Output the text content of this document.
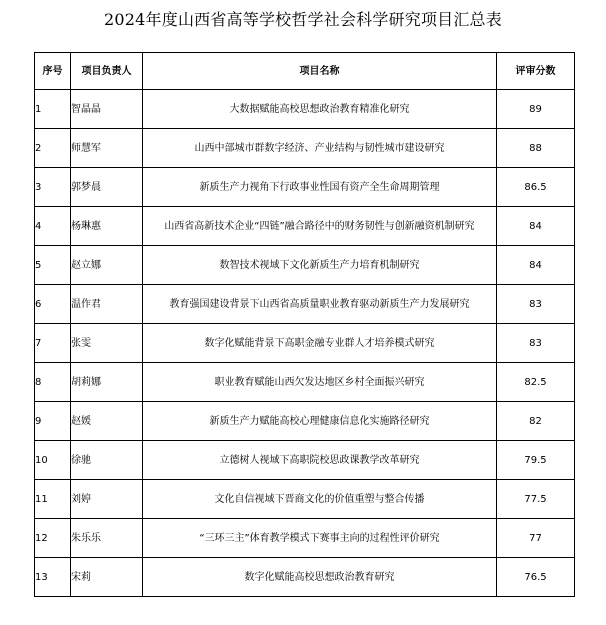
2024年度山西省高等学校哲学社会科学研究项目汇总表
序号	项目负责人	项目名称	评审分数
1	智晶晶	大数据赋能高校思想政治教育精准化研究	89
2	师慧军	山西中部城市群数字经济、产业结构与韧性城市建设研究	88
3	郭梦晨	新质生产力视角下行政事业性国有资产全生命周期管理	86.5
4	杨琳惠	山西省高新技术企业“四链”融合路径中的财务韧性与创新融资机制研究	84
5	赵立娜	数智技术视域下文化新质生产力培育机制研究	84
6	温作君	教育强国建设背景下山西省高质量职业教育驱动新质生产力发展研究	83
7	张雯	数字化赋能背景下高职金融专业群人才培养模式研究	83
8	胡莉娜	职业教育赋能山西欠发达地区乡村全面振兴研究	82.5
9	赵媛	新质生产力赋能高校心理健康信息化实施路径研究	82
10	徐驰	立德树人视域下高职院校思政课教学改革研究	79.5
11	刘婷	文化自信视域下晋商文化的价值重塑与整合传播	77.5
12	朱乐乐	“三环三主”体育教学模式下赛事主向的过程性评价研究	77
13	宋莉	数字化赋能高校思想政治教育研究	76.5
